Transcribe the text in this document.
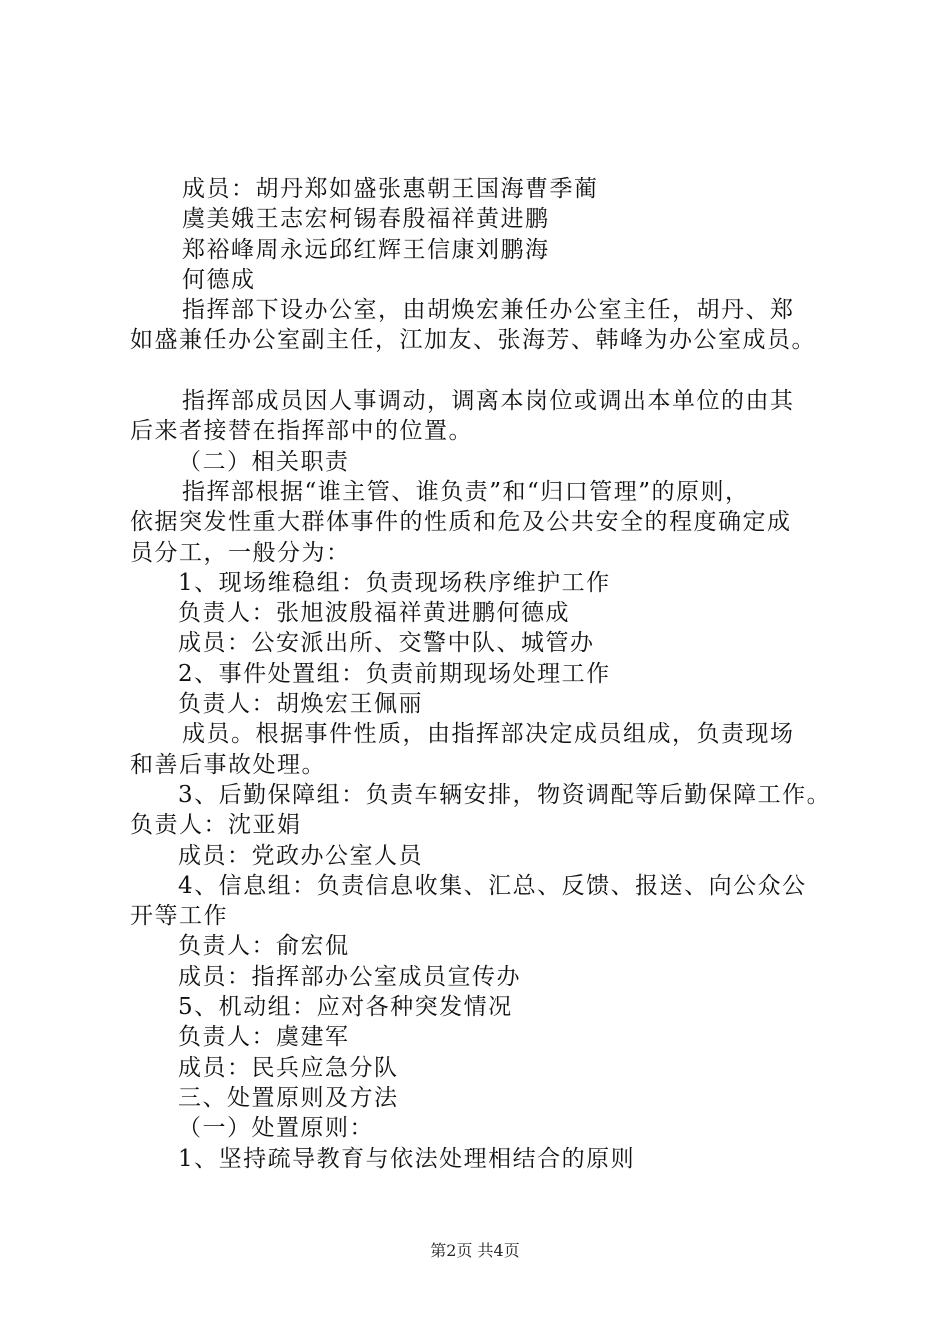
成员：胡丹郑如盛张惠朝王国海曹季蔺
虞美娥王志宏柯锡春殷福祥黄进鹏
郑裕峰周永远邱红辉王信康刘鹏海
何德成
指挥部下设办公室，由胡焕宏兼任办公室主任，胡丹、郑
如盛兼任办公室副主任，江加友、张海芳、韩峰为办公室成员。
指挥部成员因人事调动，调离本岗位或调出本单位的由其
后来者接替在指挥部中的位置。
（二）相关职责
指挥部根据“谁主管、谁负责”和“归口管理”的原则，
依据突发性重大群体事件的性质和危及公共安全的程度确定成
员分工，一般分为：
1、现场维稳组：负责现场秩序维护工作
负责人：张旭波殷福祥黄进鹏何德成
成员：公安派出所、交警中队、城管办
2、事件处置组：负责前期现场处理工作
负责人：胡焕宏王佩丽
成员。根据事件性质，由指挥部决定成员组成，负责现场
和善后事故处理。
3、后勤保障组：负责车辆安排，物资调配等后勤保障工作。
负责人：沈亚娟
成员：党政办公室人员
4、信息组：负责信息收集、汇总、反馈、报送、向公众公
开等工作
负责人：俞宏侃
成员：指挥部办公室成员宣传办
5、机动组：应对各种突发情况
负责人：虞建军
成员：民兵应急分队
三、处置原则及方法
（一）处置原则：
1、坚持疏导教育与依法处理相结合的原则
第2页 共4页
